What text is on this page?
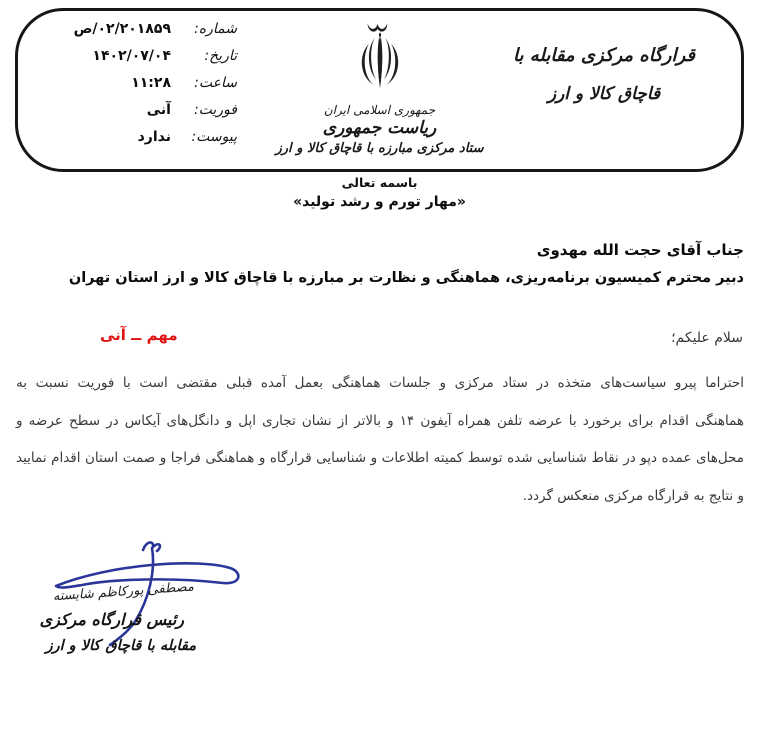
شماره:
۰۲/۲۰۱۸۵۹/ص
تاریخ:
۱۴۰۲/۰۷/۰۴
ساعت:
۱۱:۲۸
فوریت:
آنی
پیوست:
ندارد
جمهوری اسلامی ایران
ریاست جمهوری
ستاد مرکزی مبارزه با قاچاق کالا و ارز
قرارگاه مرکزی مقابله با
قاچاق کالا و ارز
باسمه تعالی
«مهار تورم و رشد تولید»
جناب آقای حجت الله مهدوی
دبیر محترم کمیسیون برنامه‌ریزی، هماهنگی و نظارت بر مبارزه با قاچاق کالا و ارز استان تهران
مهم ــ آنی	سلام علیکم؛
احتراما پیرو سیاست‌های متخذه در ستاد مرکزی و جلسات هماهنگی بعمل آمده قبلی مقتضی است با فوریت نسبت به
هماهنگی اقدام برای برخورد با عرضه تلفن همراه آیفون ۱۴ و بالاتر از نشان تجاری اپل و دانگل‌های آیکاس در سطح عرضه و
محل‌های عمده دپو در نقاط شناسایی شده توسط کمیته اطلاعات و شناسایی قرارگاه و هماهنگی فراجا و صمت استان اقدام نمایید
و نتایج به قرارگاه مرکزی منعکس گردد.
مصطفی پورکاظم شایسته
رئیس قرارگاه مرکزی
مقابله با قاچاق کالا و ارز
